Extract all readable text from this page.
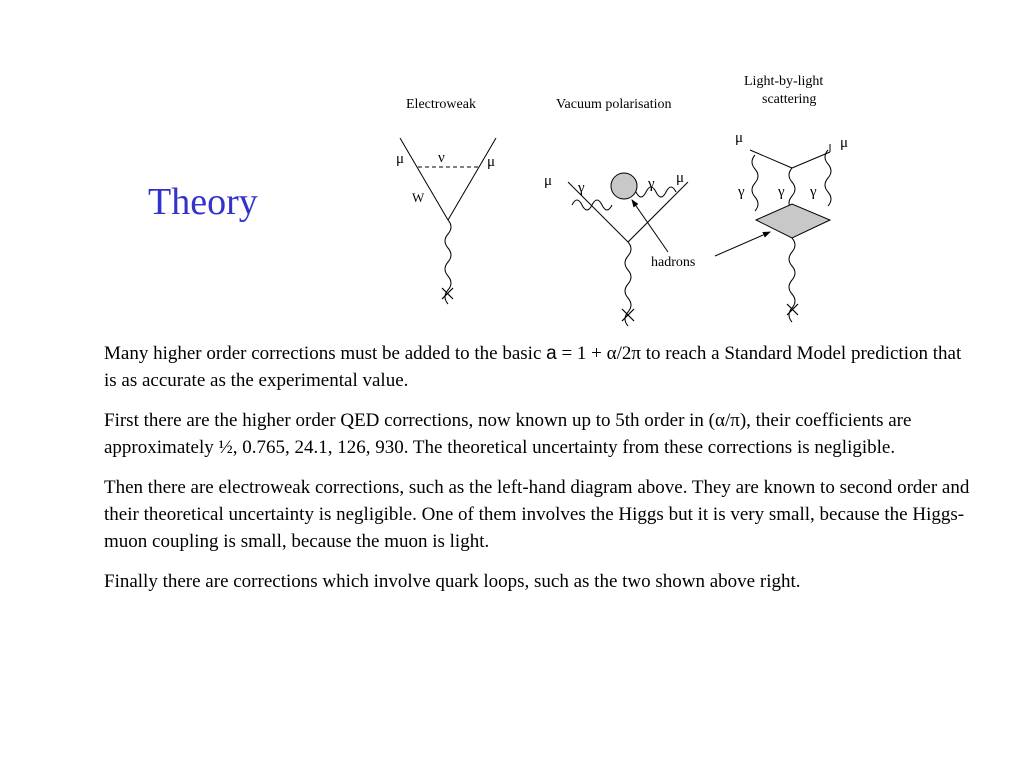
Theory
Electroweak
μ ν	μ
W
Vacuum polarisation
μ γ	γ μ
hadrons
Light-by-light
scattering
μ	μ
γ γ γ

Many higher order corrections must be added to the basic a = 1 + α/2π to reach a Standard Model prediction that is as accurate as the experimental value.

First there are the higher order QED corrections, now known up to 5th order in (α/π), their coefficients are approximately ½, 0.765, 24.1, 126, 930. The theoretical uncertainty from these corrections is negligible.

Then there are electroweak corrections, such as the left-hand diagram above. They are known to second order and their theoretical uncertainty is negligible. One of them involves the Higgs but it is very small, because the Higgs-muon coupling is small, because the muon is light.

Finally there are corrections which involve quark loops, such as the two shown above right.
